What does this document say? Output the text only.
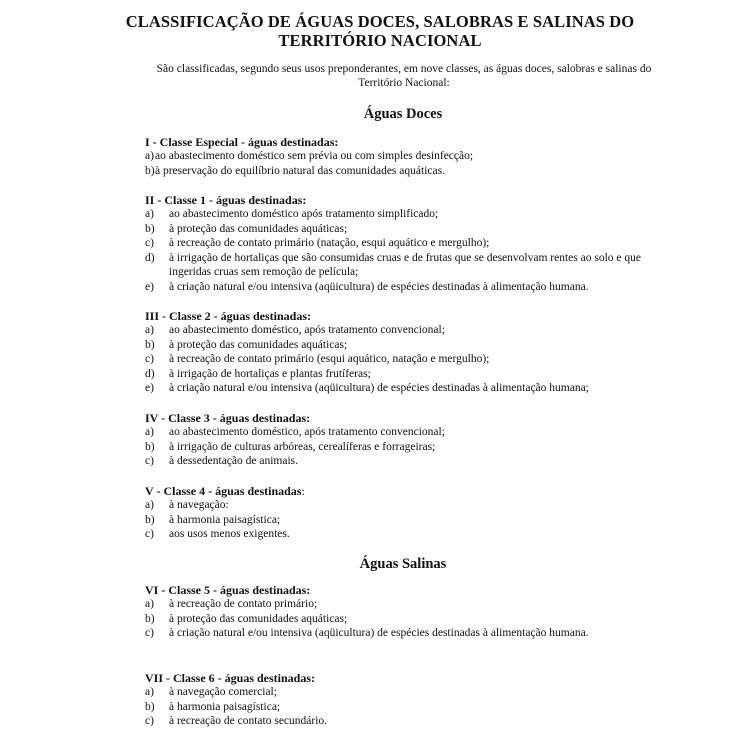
CLASSIFICAÇÃO DE ÁGUAS DOCES, SALOBRAS E SALINAS DO
TERRITÓRIO NACIONAL
São classificadas, segundo seus usos preponderantes, em nove classes, as águas doces, salobras e salinas do
Território Nacional:
Águas Doces
I - Classe Especial - águas destinadas:
a) ao abastecimento doméstico sem prévia ou com simples desinfecção;
b) à preservação do equilíbrio natural das comunidades aquáticas.
II - Classe 1 - águas destinadas:
a) ao abastecimento doméstico após tratamento simplificado;
b) à proteção das comunidades aquáticas;
c) à recreação de contato primário (natação, esqui aquático e mergulho);
d) à irrigação de hortaliças que são consumidas cruas e de frutas que se desenvolvam rentes ao solo e que ingeridas cruas sem remoção de película;
e) à criação natural e/ou intensiva (aqüicultura) de espécies destinadas à alimentação humana.
III - Classe 2 - águas destinadas:
a) ao abastecimento doméstico, após tratamento convencional;
b) à proteção das comunidades aquáticas;
c) à recreação de contato primário (esqui aquático, natação e mergulho);
d) à irrigação de hortaliças e plantas frutíferas;
e) à criação natural e/ou intensiva (aqüicultura) de espécies destinadas à alimentação humana;
IV - Classe 3 - águas destinadas:
a) ao abastecimento doméstico, após tratamento convencional;
b) à irrigação de culturas arbóreas, cerealíferas e forrageiras;
c) à dessedentação de animais.
V - Classe 4 - águas destinadas:
a) à navegação:
b) à harmonia paisagística;
c) aos usos menos exigentes.
Águas Salinas
VI - Classe 5 - águas destinadas:
a) à recreação de contato primário;
b) à proteção das comunidades aquáticas;
c) à criação natural e/ou intensiva (aqüicultura) de espécies destinadas à alimentação humana.
VII - Classe 6 - águas destinadas:
a) à navegação comercial;
b) à harmonia paisagística;
c) à recreação de contato secundário.
